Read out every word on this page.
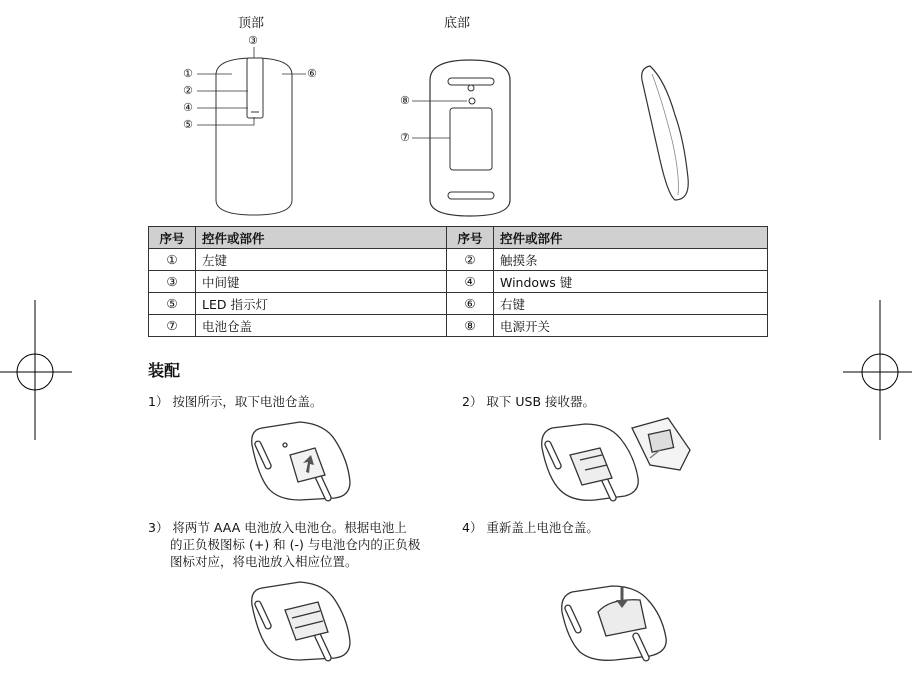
顶部
①
②
③
④
⑤
⑥
底部
⑧
⑦
序号	控件或部件	序号	控件或部件
①	左键	②	触摸条
③	中间键	④	Windows 键
⑤	LED 指示灯	⑥	右键
⑦	电池仓盖	⑧	电源开关
装配
1） 按图所示，取下电池仓盖。	2） 取下 USB 接收器。
3） 将两节 AAA 电池放入电池仓。根据电池上
的正负极图标 (+) 和 (-) 与电池仓内的正负极
图标对应，将电池放入相应位置。
4） 重新盖上电池仓盖。
